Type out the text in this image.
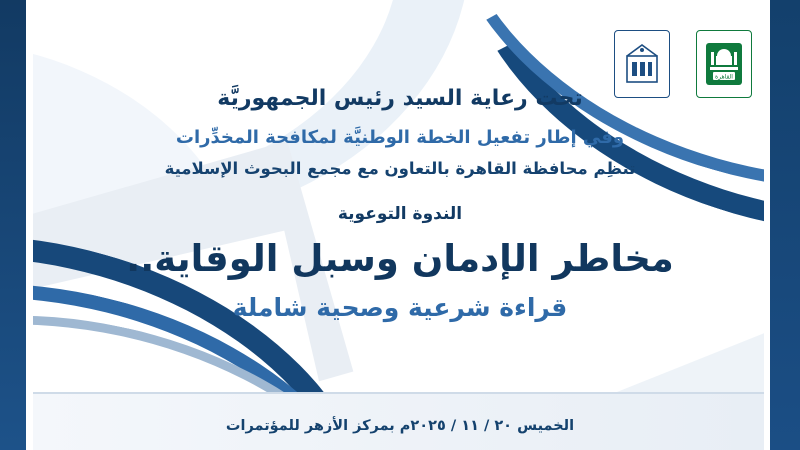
القاهرة
تحت رعاية السيد رئيس الجمهوريَّة
وفي إطار تفعيل الخطة الوطنيَّة لمكافحة المخدِّرات
تنظِم محافظة القاهرة بالتعاون مع مجمع البحوث الإسلامية
الندوة التوعوية
مخاطر الإدمان وسبل الوقاية..
قراءة شرعية وصحية شاملة
الخميس ٢٠ / ١١ / ٢٠٢٥م بمركز الأزهر للمؤتمرات
